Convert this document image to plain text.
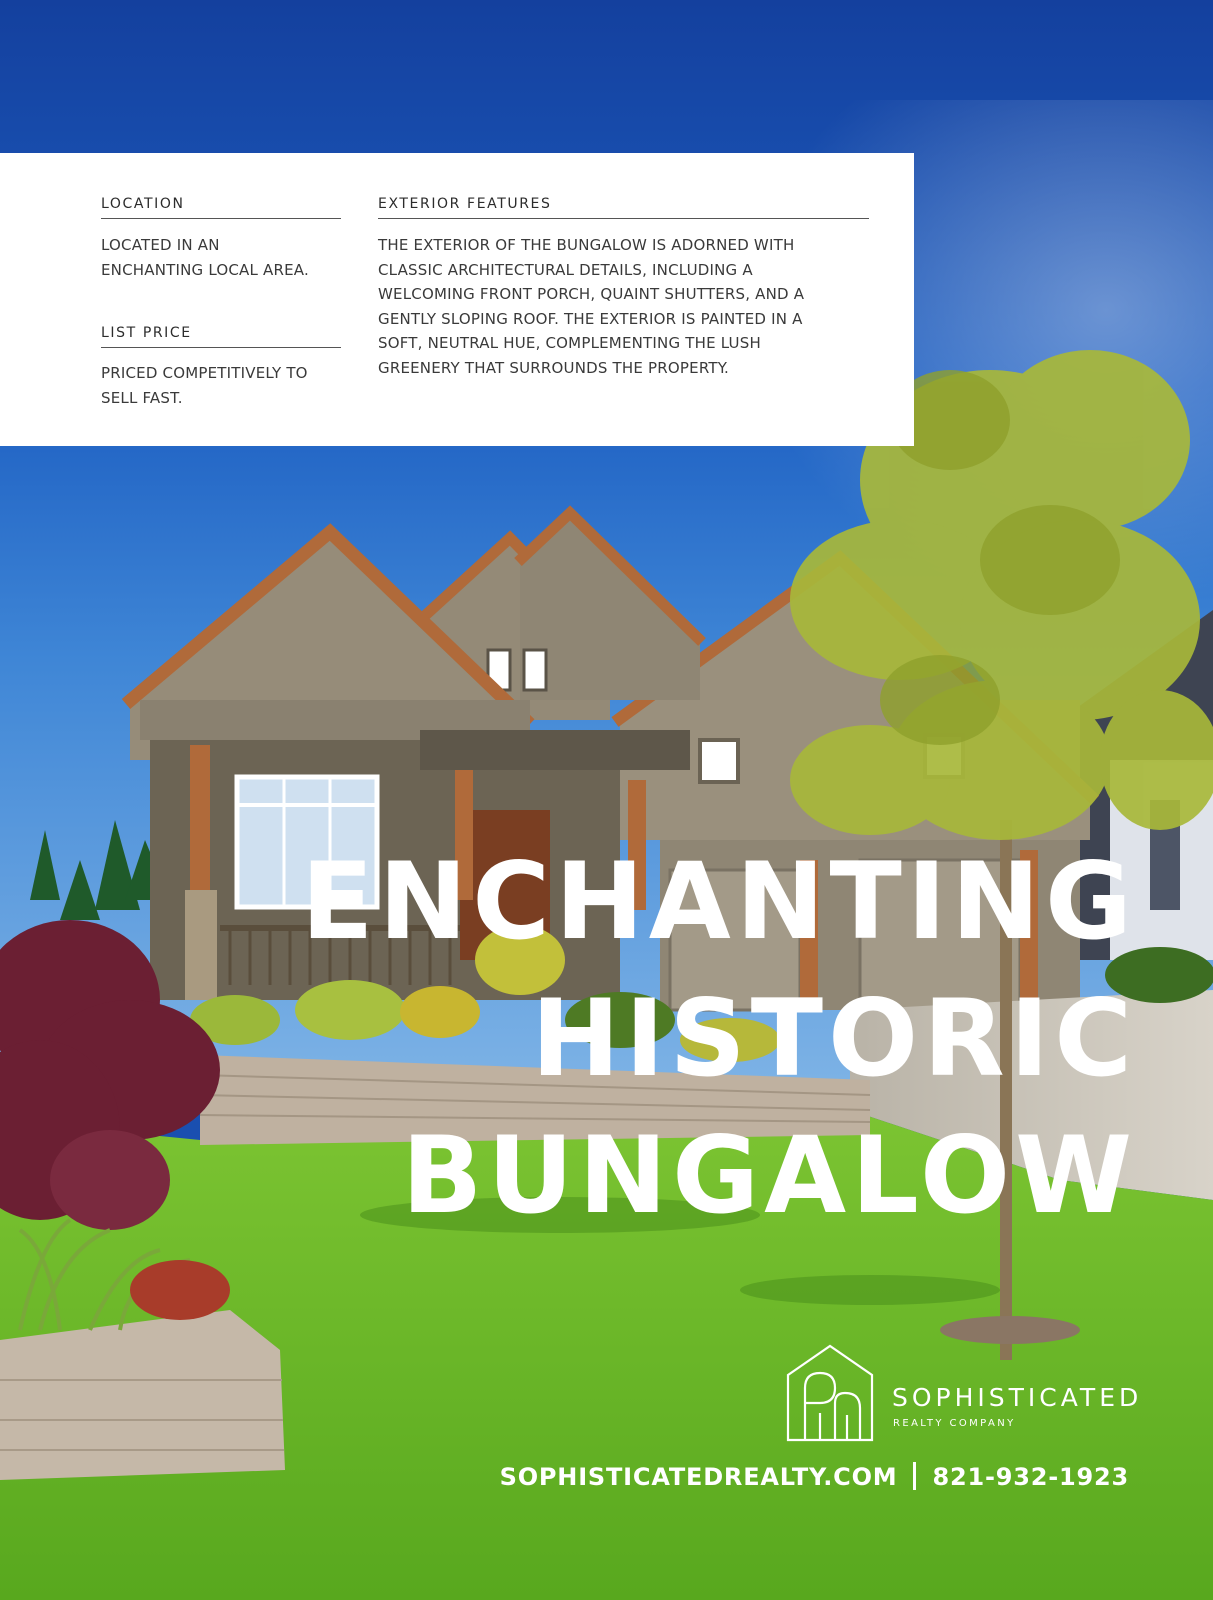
LOCATION
LOCATED IN AN
ENCHANTING LOCAL AREA.
LIST PRICE
PRICED COMPETITIVELY TO
SELL FAST.
EXTERIOR FEATURES
THE EXTERIOR OF THE BUNGALOW IS ADORNED WITH
CLASSIC ARCHITECTURAL DETAILS, INCLUDING A
WELCOMING FRONT PORCH, QUAINT SHUTTERS, AND A
GENTLY SLOPING ROOF. THE EXTERIOR IS PAINTED IN A
SOFT, NEUTRAL HUE, COMPLEMENTING THE LUSH
GREENERY THAT SURROUNDS THE PROPERTY.
ENCHANTING
HISTORIC
BUNGALOW
SOPHISTICATED
REALTY COMPANY
SOPHISTICATEDREALTY.COM 821-932-1923
